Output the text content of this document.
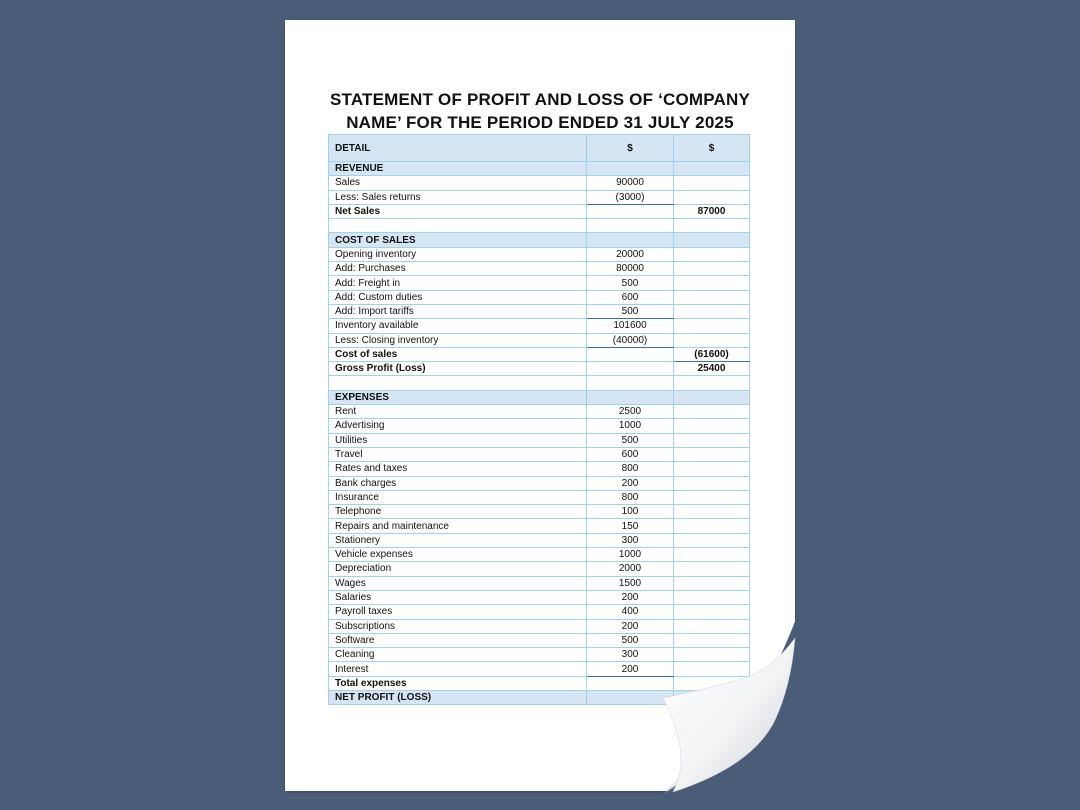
STATEMENT OF PROFIT AND LOSS OF ‘COMPANY
NAME’ FOR THE PERIOD ENDED 31 JULY 2025
DETAIL	$	$
REVENUE		
Sales	90000	
Less: Sales returns	(3000)	
Net Sales		87000

COST OF SALES		
Opening inventory	20000	
Add: Purchases	80000	
Add: Freight in	500	
Add: Custom duties	600	
Add: Import tariffs	500	
Inventory available	101600	
Less: Closing inventory	(40000)	
Cost of sales		(61600)
Gross Profit (Loss)		25400

EXPENSES		
Rent	2500	
Advertising	1000	
Utilities	500	
Travel	600	
Rates and taxes	800	
Bank charges	200	
Insurance	800	
Telephone	100	
Repairs and maintenance	150	
Stationery	300	
Vehicle expenses	1000	
Depreciation	2000	
Wages	1500	
Salaries	200	
Payroll taxes	400	
Subscriptions	200	
Software	500	
Cleaning	300	
Interest	200	
Total expenses		
NET PROFIT (LOSS)		
